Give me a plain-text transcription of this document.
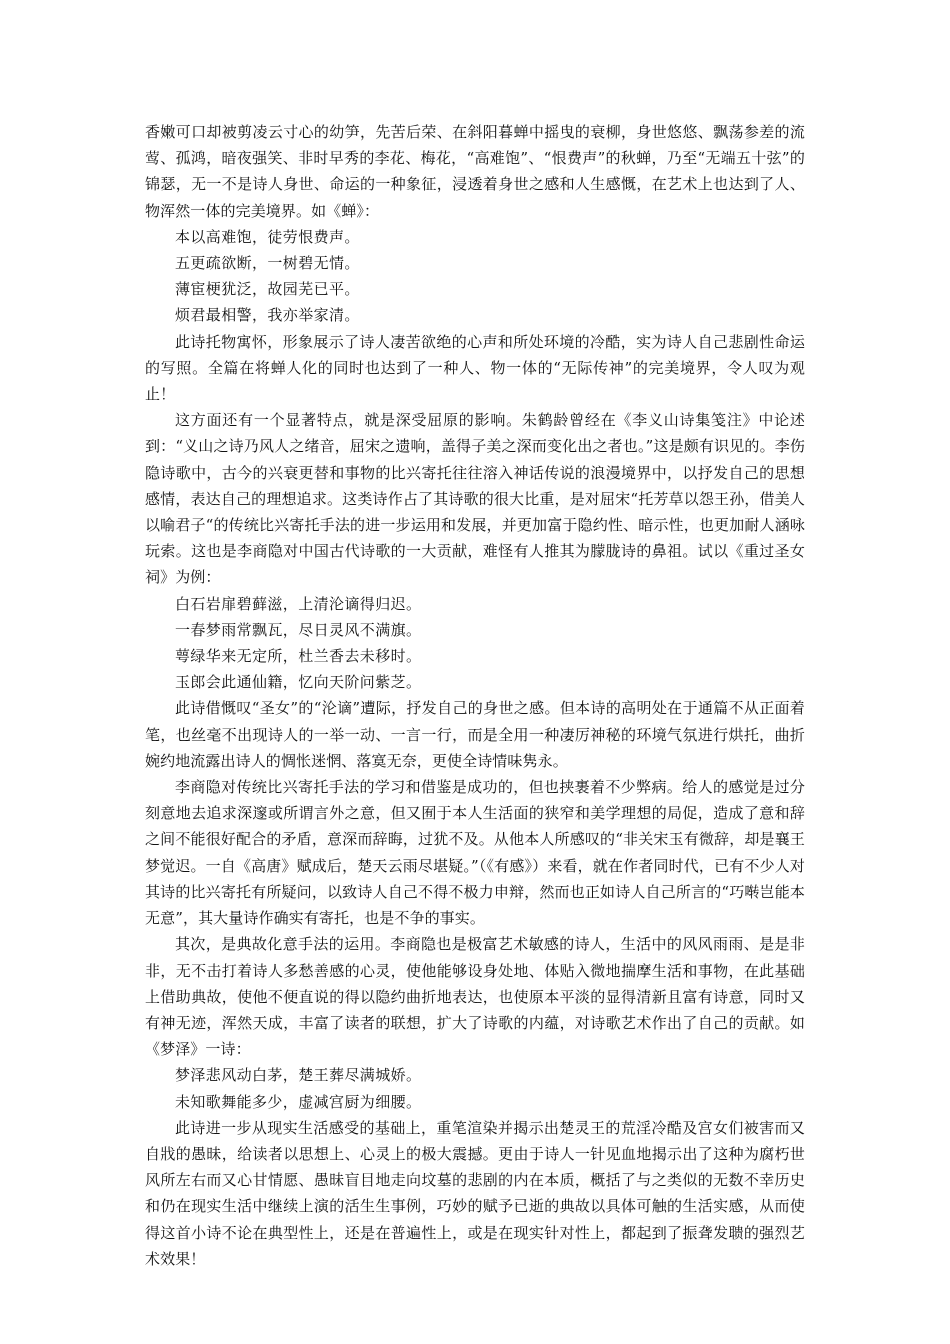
香嫩可口却被剪凌云寸心的幼笋，先苦后荣、在斜阳暮蝉中摇曳的衰柳，身世悠悠、飘荡参差的流莺、孤鸿，暗夜强笑、非时早秀的李花、梅花，“高难饱”、“恨费声”的秋蝉，乃至“无端五十弦”的锦瑟，无一不是诗人身世、命运的一种象征，浸透着身世之感和人生感慨，在艺术上也达到了人、物浑然一体的完美境界。如《蝉》：

本以高难饱，徒劳恨费声。

五更疏欲断，一树碧无情。

薄宦梗犹泛，故园芜已平。

烦君最相警，我亦举家清。

此诗托物寓怀，形象展示了诗人凄苦欲绝的心声和所处环境的冷酷，实为诗人自己悲剧性命运的写照。全篇在将蝉人化的同时也达到了一种人、物一体的“无际传神”的完美境界，令人叹为观止！

这方面还有一个显著特点，就是深受屈原的影响。朱鹤龄曾经在《李义山诗集笺注》中论述到：“义山之诗乃风人之绪音，屈宋之遗响，盖得子美之深而变化出之者也。”这是颇有识见的。李伤隐诗歌中，古今的兴衰更替和事物的比兴寄托往往溶入神话传说的浪漫境界中，以抒发自己的思想感情，表达自己的理想追求。这类诗作占了其诗歌的很大比重，是对屈宋“托芳草以怨王孙，借美人以喻君子“的传统比兴寄托手法的进一步运用和发展，并更加富于隐约性、暗示性，也更加耐人涵咏玩索。这也是李商隐对中国古代诗歌的一大贡献，难怪有人推其为朦胧诗的鼻祖。试以《重过圣女祠》为例：

白石岩扉碧藓滋，上清沦谪得归迟。

一春梦雨常飘瓦，尽日灵风不满旗。

萼绿华来无定所，杜兰香去未移时。

玉郎会此通仙籍，忆向天阶问紫芝。

此诗借慨叹“圣女”的“沦谪”遭际，抒发自己的身世之感。但本诗的高明处在于通篇不从正面着笔，也丝毫不出现诗人的一举一动、一言一行，而是全用一种凄厉神秘的环境气氛进行烘托，曲折婉约地流露出诗人的惆怅迷惘、落寞无奈，更使全诗情味隽永。

李商隐对传统比兴寄托手法的学习和借鉴是成功的，但也挟裹着不少弊病。给人的感觉是过分刻意地去追求深邃或所谓言外之意，但又囿于本人生活面的狭窄和美学理想的局促，造成了意和辞之间不能很好配合的矛盾，意深而辞晦，过犹不及。从他本人所感叹的“非关宋玉有微辞，却是襄王梦觉迟。一自《高唐》赋成后，楚天云雨尽堪疑。”（《有感》）来看，就在作者同时代，已有不少人对其诗的比兴寄托有所疑问，以致诗人自己不得不极力申辩，然而也正如诗人自己所言的“巧啭岂能本无意”，其大量诗作确实有寄托，也是不争的事实。

其次，是典故化意手法的运用。李商隐也是极富艺术敏感的诗人，生活中的风风雨雨、是是非非，无不击打着诗人多愁善感的心灵，使他能够设身处地、体贴入微地揣摩生活和事物，在此基础上借助典故，使他不便直说的得以隐约曲折地表达，也使原本平淡的显得清新且富有诗意，同时又有神无迹，浑然天成，丰富了读者的联想，扩大了诗歌的内蕴，对诗歌艺术作出了自己的贡献。如《梦泽》一诗：

梦泽悲风动白茅，楚王葬尽满城娇。

未知歌舞能多少，虚减宫厨为细腰。

此诗进一步从现实生活感受的基础上，重笔渲染并揭示出楚灵王的荒淫冷酷及宫女们被害而又自戕的愚昧，给读者以思想上、心灵上的极大震撼。更由于诗人一针见血地揭示出了这种为腐朽世风所左右而又心甘情愿、愚昧盲目地走向坟墓的悲剧的内在本质，概括了与之类似的无数不幸历史和仍在现实生活中继续上演的活生生事例，巧妙的赋予已逝的典故以具体可触的生活实感，从而使得这首小诗不论在典型性上，还是在普遍性上，或是在现实针对性上，都起到了振聋发聩的强烈艺术效果！
